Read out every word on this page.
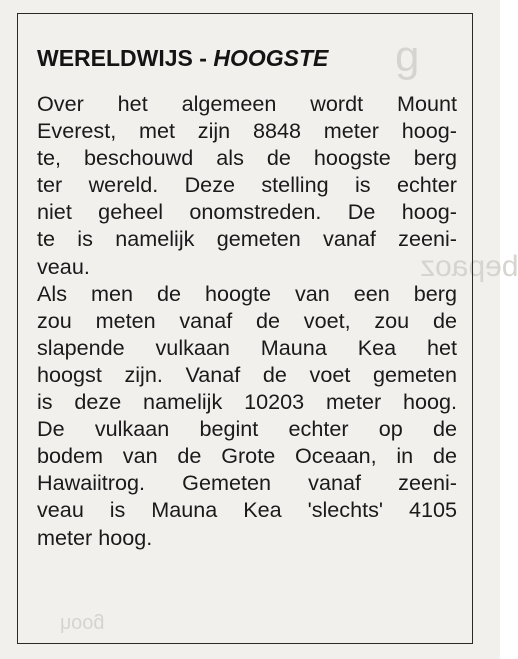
g
bepaoz
hoog
WERELDWIJS - HOOGSTE
Over het algemeen wordt Mount
Everest, met zijn 8848 meter hoog-
te, beschouwd als de hoogste berg
ter wereld. Deze stelling is echter
niet geheel onomstreden. De hoog-
te is namelijk gemeten vanaf zeeni-
veau.
Als men de hoogte van een berg
zou meten vanaf de voet, zou de
slapende vulkaan Mauna Kea het
hoogst zijn. Vanaf de voet gemeten
is deze namelijk 10203 meter hoog.
De vulkaan begint echter op de
bodem van de Grote Oceaan, in de
Hawaiitrog. Gemeten vanaf zeeni-
veau is Mauna Kea 'slechts' 4105
meter hoog.
